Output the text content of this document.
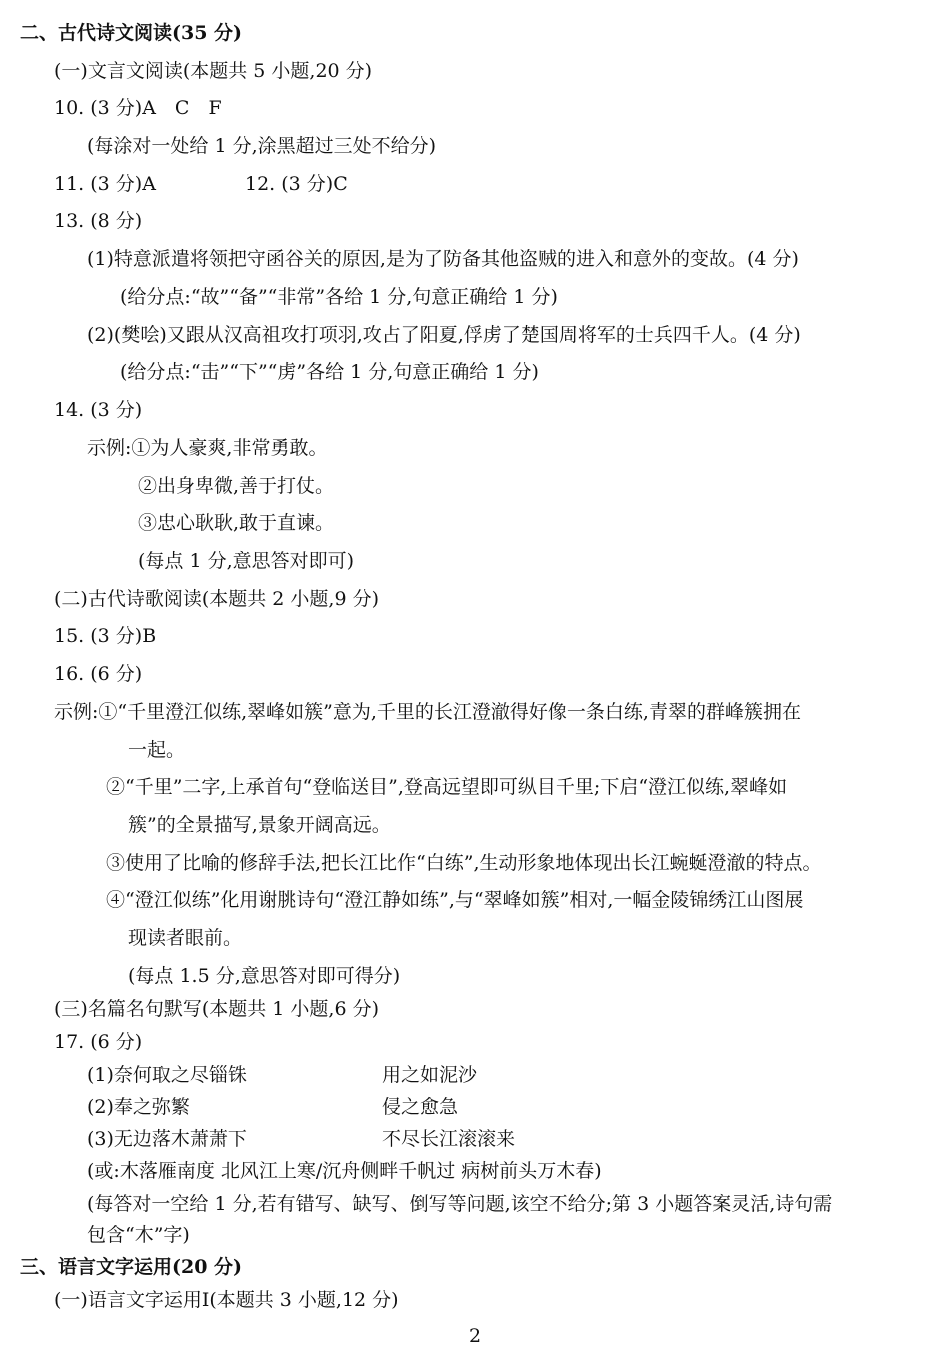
二、古代诗文阅读(35 分)
(一)文言文阅读(本题共 5 小题,20 分)
10. (3 分)A　C　F
(每涂对一处给 1 分,涂黑超过三处不给分)
11. (3 分)A	12. (3 分)C
13. (8 分)
(1)特意派遣将领把守函谷关的原因,是为了防备其他盗贼的进入和意外的变故。(4 分)
(给分点:“故”“备”“非常”各给 1 分,句意正确给 1 分)
(2)(樊哙)又跟从汉高祖攻打项羽,攻占了阳夏,俘虏了楚国周将军的士兵四千人。(4 分)
(给分点:“击”“下”“虏”各给 1 分,句意正确给 1 分)
14. (3 分)
示例:①为人豪爽,非常勇敢。
②出身卑微,善于打仗。
③忠心耿耿,敢于直谏。
(每点 1 分,意思答对即可)
(二)古代诗歌阅读(本题共 2 小题,9 分)
15. (3 分)B
16. (6 分)
示例:①“千里澄江似练,翠峰如簇”意为,千里的长江澄澈得好像一条白练,青翠的群峰簇拥在
一起。
②“千里”二字,上承首句“登临送目”,登高远望即可纵目千里;下启“澄江似练,翠峰如
簇”的全景描写,景象开阔高远。
③使用了比喻的修辞手法,把长江比作“白练”,生动形象地体现出长江蜿蜒澄澈的特点。
④“澄江似练”化用谢朓诗句“澄江静如练”,与“翠峰如簇”相对,一幅金陵锦绣江山图展
现读者眼前。
(每点 1.5 分,意思答对即可得分)
(三)名篇名句默写(本题共 1 小题,6 分)
17. (6 分)
(1)奈何取之尽锱铢	用之如泥沙
(2)奉之弥繁	侵之愈急
(3)无边落木萧萧下	不尽长江滚滚来
(或:木落雁南度 北风江上寒/沉舟侧畔千帆过 病树前头万木春)
(每答对一空给 1 分,若有错写、缺写、倒写等问题,该空不给分;第 3 小题答案灵活,诗句需
包含“木”字)
三、语言文字运用(20 分)
(一)语言文字运用Ⅰ(本题共 3 小题,12 分)
2
